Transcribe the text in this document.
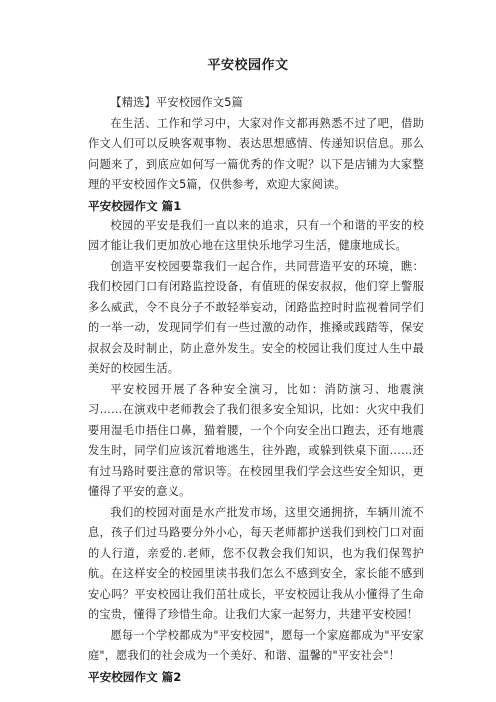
平安校园作文

【精选】平安校园作文5篇

在生活、工作和学习中，大家对作文都再熟悉不过了吧，借助作文人们可以反映客观事物、表达思想感情、传递知识信息。那么问题来了，到底应如何写一篇优秀的作文呢？以下是店铺为大家整理的平安校园作文5篇，仅供参考，欢迎大家阅读。

平安校园作文 篇1

校园的平安是我们一直以来的追求，只有一个和谐的平安的校园才能让我们更加放心地在这里快乐地学习生活，健康地成长。

创造平安校园要靠我们一起合作，共同营造平安的环境，瞧：我们校园门口有闭路监控设备，有值班的保安叔叔，他们穿上警服多么威武，令不良分子不敢轻举妄动，闭路监控时时监视着同学们的一举一动，发现同学们有一些过激的动作，推搡或践踏等，保安叔叔会及时制止，防止意外发生。安全的校园让我们度过人生中最美好的校园生活。

平安校园开展了各种安全演习，比如：消防演习、地震演习……在演戏中老师教会了我们很多安全知识，比如：火灾中我们要用湿毛巾捂住口鼻，猫着腰，一个个向安全出口跑去，还有地震发生时，同学们应该沉着地逃生，往外跑，或躲到铁桌下面……还有过马路时要注意的常识等。在校园里我们学会这些安全知识，更懂得了平安的意义。

我们的校园对面是水产批发市场，这里交通拥挤，车辆川流不息，孩子们过马路要分外小心，每天老师都护送我们到校门口对面的人行道，亲爱的.老师，您不仅教会我们知识，也为我们保驾护航。在这样安全的校园里读书我们怎么不感到安全，家长能不感到安心吗？平安校园让我们茁壮成长，平安校园让我从小懂得了生命的宝贵，懂得了珍惜生命。让我们大家一起努力，共建平安校园！

愿每一个学校都成为"平安校园"，愿每一个家庭都成为"平安家庭"，愿我们的社会成为一个美好、和谐、温馨的"平安社会"！

平安校园作文 篇2
